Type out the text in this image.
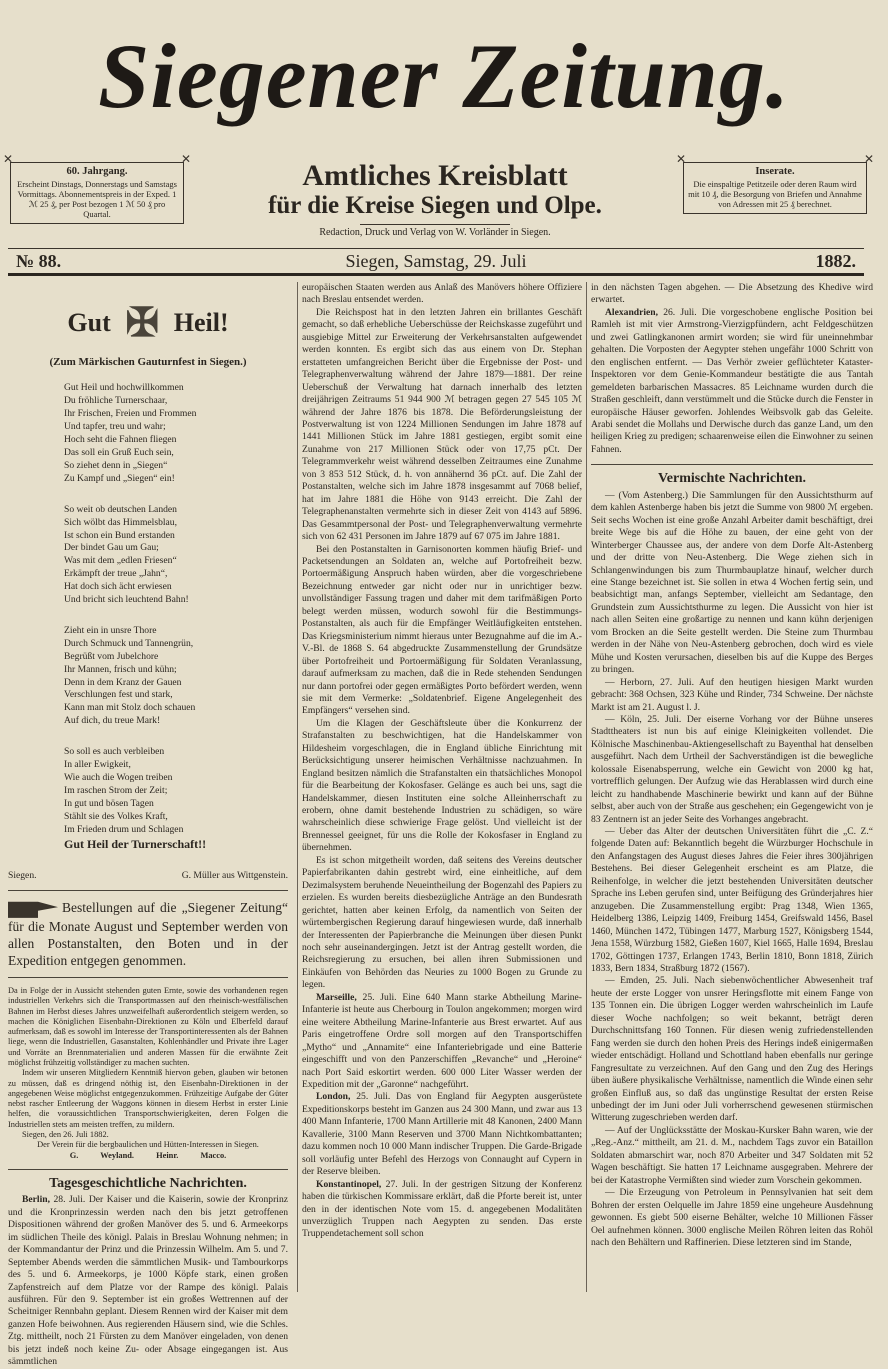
Siegener Zeitung.
✕ 60. Jahrgang.
Erscheint Dinstags, Donnerstags und Samstags Vormittags. Abonnementspreis in der Exped. 1 ℳ 25 ₰, per Post bezogen 1 ℳ 50 ₰ pro Quartal.
✕
Amtliches Kreisblatt
für die Kreise Siegen und Olpe.
Redaction, Druck und Verlag von W. Vorländer in Siegen.
✕ Inserate.
Die einspaltige Petitzeile oder deren Raum wird mit 10 ₰, die Besorgung von Briefen und Annahme von Adressen mit 25 ₰ berechnet.
✕
№ 88.	Siegen, Samstag, 29. Juli	1882.
Gut ✠ Heil!
(Zum Märkischen Gauturnfest in Siegen.)
Gut Heil und hochwillkommen
Du fröhliche Turnerschaar,
Ihr Frischen, Freien und Frommen
Und tapfer, treu und wahr;
Hoch seht die Fahnen fliegen
Das soll ein Gruß Euch sein,
So ziehet denn in „Siegen“
Zu Kampf und „Siegen“ ein!
So weit ob deutschen Landen
Sich wölbt das Himmelsblau,
Ist schon ein Bund erstanden
Der bindet Gau um Gau;
Was mit dem „edlen Friesen“
Erkämpft der treue „Jahn“,
Hat doch sich ächt erwiesen
Und bricht sich leuchtend Bahn!
Zieht ein in unsre Thore
Durch Schmuck und Tannengrün,
Begrüßt vom Jubelchore
Ihr Mannen, frisch und kühn;
Denn in dem Kranz der Gauen
Verschlungen fest und stark,
Kann man mit Stolz doch schauen
Auf dich, du treue Mark!
So soll es auch verbleiben
In aller Ewigkeit,
Wie auch die Wogen treiben
Im raschen Strom der Zeit;
In gut und bösen Tagen
Stählt sie des Volkes Kraft,
Im Frieden drum und Schlagen
Gut Heil der Turnerschaft!!
Siegen.	G. Müller aus Wittgenstein.
Bestellungen auf die „Siegener Zeitung“ für die Monate August und September werden von allen Postanstalten, den Boten und in der Expedition entgegen genommen.

Da in Folge der in Aussicht stehenden guten Ernte, sowie des vorhandenen regen industriellen Verkehrs sich die Transportmassen auf den rheinisch-westfälischen Bahnen im Herbst dieses Jahres unzweifelhaft außerordentlich steigern werden, so machen die Königlichen Eisenbahn-Direktionen zu Köln und Elberfeld darauf aufmerksam, daß es sowohl im Interesse der Transportinteressenten als der Bahnen liege, wenn die Industriellen, Gasanstalten, Kohlenhändler und Private ihre Lager und Vorräte an Brennmaterialien und anderen Massen für die erwähnte Zeit möglichst frühzeitig vollständiger zu machen suchten.

Indem wir unseren Mitgliedern Kenntniß hiervon geben, glauben wir betonen zu müssen, daß es dringend nöthig ist, den Eisenbahn-Direktionen in der angegebenen Weise möglichst entgegenzukommen. Frühzeitige Aufgabe der Güter nebst rascher Entleerung der Waggons können in diesem Herbst in erster Linie helfen, die voraussichtlichen Transportschwierigkeiten, deren Folgen die Industriellen stets am meisten treffen, zu mildern.

Siegen, den 26. Juli 1882.

Der Verein für die bergbaulichen und Hütten-Interessen in Siegen.
G. Weyland.	Heinr. Macco.
Tagesgeschichtliche Nachrichten.

Berlin, 28. Juli. Der Kaiser und die Kaiserin, sowie der Kronprinz und die Kronprinzessin werden nach den bis jetzt getroffenen Dispositionen während der großen Manöver des 5. und 6. Armeekorps im südlichen Theile des königl. Palais in Breslau Wohnung nehmen; in der Kommandantur der Prinz und die Prinzessin Wilhelm. Am 5. und 7. September Abends werden die sämmtlichen Musik- und Tambourkorps des 5. und 6. Armeekorps, je 1000 Köpfe stark, einen großen Zapfenstreich auf dem Platze vor der Rampe des königl. Palais ausführen. Für den 9. September ist ein großes Wettrennen auf der Scheitniger Rennbahn geplant. Diesem Rennen wird der Kaiser mit dem ganzen Hofe beiwohnen. Aus regierenden Häusern sind, wie die Schles. Ztg. mittheilt, noch 21 Fürsten zu dem Manöver eingeladen, von denen bis jetzt indeß noch keine Zu- oder Absage eingegangen ist. Aus sämmtlichen

europäischen Staaten werden aus Anlaß des Manövers höhere Offiziere nach Breslau entsendet werden.

Die Reichspost hat in den letzten Jahren ein brillantes Geschäft gemacht, so daß erhebliche Ueberschüsse der Reichskasse zugeführt und ausgiebige Mittel zur Erweiterung der Verkehrsanstalten aufgewendet werden konnten. Es ergibt sich das aus einem von Dr. Stephan erstatteten umfangreichen Bericht über die Ergebnisse der Post- und Telegraphenverwaltung während der Jahre 1879—1881. Der reine Ueberschuß der Verwaltung hat darnach innerhalb des letzten dreijährigen Zeitraums 51 944 900 ℳ betragen gegen 27 545 105 ℳ während der Jahre 1876 bis 1878. Die Beförderungsleistung der Postverwaltung ist von 1224 Millionen Sendungen im Jahre 1878 auf 1441 Millionen Stück im Jahre 1881 gestiegen, ergibt somit eine Zunahme von 217 Millionen Stück oder von 17,75 pCt. Der Telegrammverkehr weist während desselben Zeitraumes eine Zunahme von 3 853 512 Stück, d. h. von annähernd 36 pCt. auf. Die Zahl der Postanstalten, welche sich im Jahre 1878 insgesammt auf 7068 belief, hat im Jahre 1881 die Höhe von 9143 erreicht. Die Zahl der Telegraphenanstalten vermehrte sich in dieser Zeit von 4143 auf 5896. Das Gesammtpersonal der Post- und Telegraphenverwaltung vermehrte sich von 62 431 Personen im Jahre 1879 auf 67 075 im Jahre 1881.

Bei den Postanstalten in Garnisonorten kommen häufig Brief- und Packetsendungen an Soldaten an, welche auf Portofreiheit bezw. Portoermäßigung Anspruch haben würden, aber die vorgeschriebene Bezeichnung entweder gar nicht oder nur in unrichtiger bezw. unvollständiger Fassung tragen und daher mit dem tarifmäßigen Porto belegt werden müssen, wodurch sowohl für die Bestimmungs-Postanstalten, als auch für die Empfänger Weitläufigkeiten entstehen. Das Kriegsministerium nimmt hieraus unter Bezugnahme auf die im A.-V.-Bl. de 1868 S. 64 abgedruckte Zusammenstellung der Grundsätze über Portofreiheit und Portoermäßigung für Soldaten Veranlassung, darauf aufmerksam zu machen, daß die in Rede stehenden Sendungen nur dann portofrei oder gegen ermäßigtes Porto befördert werden, wenn sie mit dem Vermerke: „Soldatenbrief. Eigene Angelegenheit des Empfängers“ versehen sind.

Um die Klagen der Geschäftsleute über die Konkurrenz der Strafanstalten zu beschwichtigen, hat die Handelskammer von Hildesheim vorgeschlagen, die in England übliche Einrichtung mit Berücksichtigung unserer heimischen Verhältnisse nachzuahmen. In England besitzen nämlich die Strafanstalten ein thatsächliches Monopol für die Bearbeitung der Kokosfaser. Gelänge es auch bei uns, sagt die Handelskammer, diesen Instituten eine solche Alleinherrschaft zu erobern, ohne damit bestehende Industrien zu schädigen, so wäre wahrscheinlich diese schwierige Frage gelöst. Und vielleicht ist der Brennessel geeignet, für uns die Rolle der Kokosfaser in England zu übernehmen.

Es ist schon mitgetheilt worden, daß seitens des Vereins deutscher Papierfabrikanten dahin gestrebt wird, eine einheitliche, auf dem Dezimalsystem beruhende Neueintheilung der Bogenzahl des Papiers zu erzielen. Es wurden bereits diesbezügliche Anträge an den Bundesrath gerichtet, hatten aber keinen Erfolg, da namentlich von Seiten der würtembergischen Regierung darauf hingewiesen wurde, daß innerhalb der Interessenten der Papierbranche die Meinungen über diesen Punkt noch sehr auseinandergingen. Jetzt ist der Antrag gestellt worden, die Reichsregierung zu ersuchen, bei allen ihren Submissionen und Einkäufen von Behörden das Neuries zu 1000 Bogen zu Grunde zu legen.

Marseille, 25. Juli. Eine 640 Mann starke Abtheilung Marine-Infanterie ist heute aus Cherbourg in Toulon angekommen; morgen wird eine weitere Abtheilung Marine-Infanterie aus Brest erwartet. Auf aus Paris eingetroffene Ordre soll morgen auf den Transportschiffen „Mytho“ und „Annamite“ eine Infanteriebrigade und eine Batterie eingeschifft und von den Panzerschiffen „Revanche“ und „Heroine“ nach Port Said eskortirt werden. 600 000 Liter Wasser werden der Expedition mit der „Garonne“ nachgeführt.

London, 25. Juli. Das von England für Aegypten ausgerüstete Expeditionskorps besteht im Ganzen aus 24 300 Mann, und zwar aus 13 400 Mann Infanterie, 1700 Mann Artillerie mit 48 Kanonen, 2400 Mann Kavallerie, 3100 Mann Reserven und 3700 Mann Nichtkombattanten; dazu kommen noch 10 000 Mann indischer Truppen. Die Garde-Brigade soll vorläufig unter Befehl des Herzogs von Connaught auf Cypern in der Reserve bleiben.

Konstantinopel, 27. Juli. In der gestrigen Sitzung der Konferenz haben die türkischen Kommissare erklärt, daß die Pforte bereit ist, unter den in der identischen Note vom 15. d. angegebenen Modalitäten unverzüglich Truppen nach Aegypten zu senden. Das erste Truppendetachement soll schon

in den nächsten Tagen abgehen. — Die Absetzung des Khedive wird erwartet.

Alexandrien, 26. Juli. Die vorgeschobene englische Position bei Ramleh ist mit vier Armstrong-Vierzigpfündern, acht Feldgeschützen und zwei Gatlingkanonen armirt worden; sie wird für uneinnehmbar gehalten. Die Vorposten der Aegypter stehen ungefähr 1000 Schritt von den englischen entfernt. — Das Verhör zweier geflüchteter Kataster-Inspektoren vor dem Genie-Kommandeur bestätigte die aus Tantah gemeldeten barbarischen Massacres. 85 Leichname wurden durch die Straßen geschleift, dann verstümmelt und die Stücke durch die Fenster in europäische Häuser geworfen. Johlendes Weibsvolk gab das Geleite. Arabi sendet die Mollahs und Derwische durch das ganze Land, um den heiligen Krieg zu predigen; schaarenweise eilen die Einwohner zu seinen Fahnen.

Vermischte Nachrichten.

— (Vom Astenberg.) Die Sammlungen für den Aussichtsthurm auf dem kahlen Astenberge haben bis jetzt die Summe von 9800 ℳ ergeben. Seit sechs Wochen ist eine große Anzahl Arbeiter damit beschäftigt, drei breite Wege bis auf die Höhe zu bauen, der eine geht von der Winterberger Chaussee aus, der andere von dem Dorfe Alt-Astenberg und der dritte von Neu-Astenberg. Die Wege ziehen sich in Schlangenwindungen bis zum Thurmbauplatze hinauf, welcher durch eine Stange bezeichnet ist. Sie sollen in etwa 4 Wochen fertig sein, und beabsichtigt man, anfangs September, vielleicht am Sedantage, den Grundstein zum Aussichtsthurme zu legen. Die Aussicht von hier ist nach allen Seiten eine großartige zu nennen und kann kühn derjenigen vom Brocken an die Seite gestellt werden. Die Steine zum Thurmbau werden in der Nähe von Neu-Astenberg gebrochen, doch wird es viele Mühe und Kosten verursachen, dieselben bis auf die Kuppe des Berges zu bringen.

— Herborn, 27. Juli. Auf den heutigen hiesigen Markt wurden gebracht: 368 Ochsen, 323 Kühe und Rinder, 734 Schweine. Der nächste Markt ist am 21. August l. J.

— Köln, 25. Juli. Der eiserne Vorhang vor der Bühne unseres Stadttheaters ist nun bis auf einige Kleinigkeiten vollendet. Die Kölnische Maschinenbau-Aktiengesellschaft zu Bayenthal hat denselben ausgeführt. Nach dem Urtheil der Sachverständigen ist die bewegliche kolossale Eisenabsperrung, welche ein Gewicht von 2000 kg hat, vortrefflich gelungen. Der Aufzug wie das Herablassen wird durch eine leicht zu handhabende Maschinerie bewirkt und kann auf der Bühne selbst, aber auch von der Straße aus geschehen; ein Gegengewicht von je 83 Zentnern ist an jeder Seite des Vorhanges angebracht.

— Ueber das Alter der deutschen Universitäten führt die „C. Z.“ folgende Daten auf: Bekanntlich begeht die Würzburger Hochschule in den Anfangstagen des August dieses Jahres die Feier ihres 300jährigen Bestehens. Bei dieser Gelegenheit erscheint es am Platze, die Reihenfolge, in welcher die jetzt bestehenden Universitäten deutscher Sprache ins Leben gerufen sind, unter Beifügung des Gründerjahres hier anzugeben. Die Zusammenstellung ergibt: Prag 1348, Wien 1365, Heidelberg 1386, Leipzig 1409, Freiburg 1454, Greifswald 1456, Basel 1460, München 1472, Tübingen 1477, Marburg 1527, Königsberg 1544, Jena 1558, Würzburg 1582, Gießen 1607, Kiel 1665, Halle 1694, Breslau 1702, Göttingen 1737, Erlangen 1743, Berlin 1810, Bonn 1818, Zürich 1833, Bern 1834, Straßburg 1872 (1567).

— Emden, 25. Juli. Nach siebenwöchentlicher Abwesenheit traf heute der erste Logger von unsrer Heringsflotte mit einem Fange von 135 Tonnen ein. Die übrigen Logger werden wahrscheinlich im Laufe dieser Woche nachfolgen; so weit bekannt, beträgt deren Durchschnittsfang 160 Tonnen. Für diesen wenig zufriedenstellenden Fang werden sie durch den hohen Preis des Herings indeß einigermaßen wieder entschädigt. Holland und Schottland haben ebenfalls nur geringe Fangresultate zu verzeichnen. Auf den Gang und den Zug des Herings üben äußere physikalische Verhältnisse, namentlich die Winde einen sehr großen Einfluß aus, so daß das ungünstige Resultat der ersten Reise unbedingt der im Juni oder Juli vorherrschend gewesenen stürmischen Witterung zugeschrieben werden darf.

— Auf der Unglücksstätte der Moskau-Kursker Bahn waren, wie der „Reg.-Anz.“ mittheilt, am 21. d. M., nachdem Tags zuvor ein Bataillon Soldaten abmarschirt war, noch 870 Arbeiter und 347 Soldaten mit 52 Wagen beschäftigt. Sie hatten 17 Leichname ausgegraben. Mehrere der bei der Katastrophe Vermißten sind wieder zum Vorschein gekommen.

— Die Erzeugung von Petroleum in Pennsylvanien hat seit dem Bohren der ersten Oelquelle im Jahre 1859 eine ungeheure Ausdehnung gewonnen. Es giebt 500 eiserne Behälter, welche 10 Millionen Fässer Oel aufnehmen können. 3000 englische Meilen Röhren leiten das Rohöl nach den Behältern und Raffinerien. Diese letzteren sind im Stande,
